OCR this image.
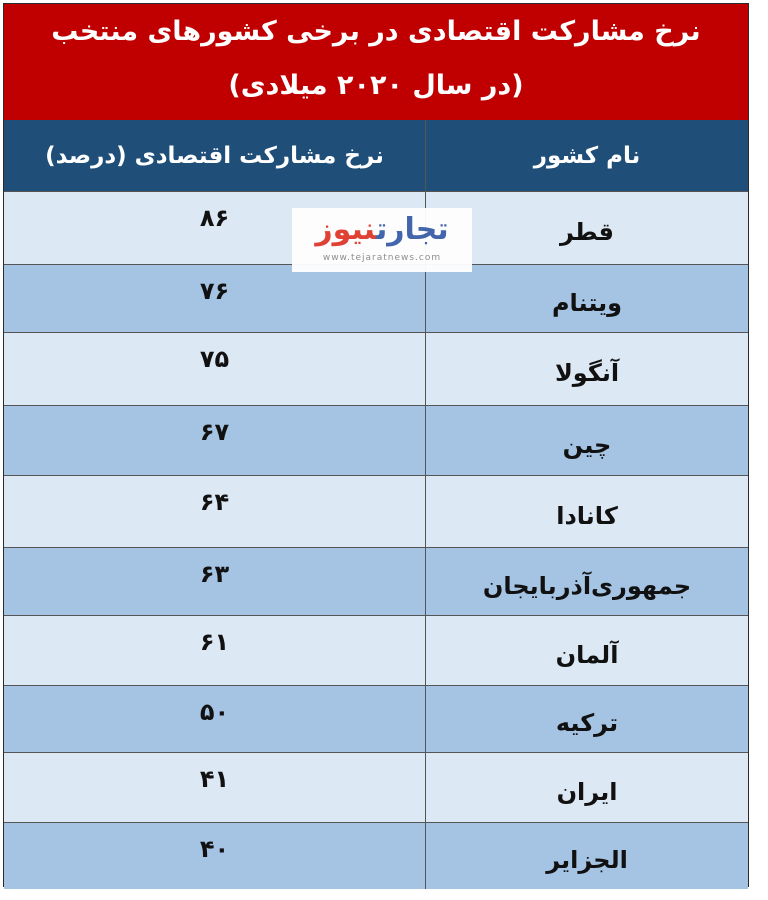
نرخ مشارکت اقتصادی در برخی کشورهای منتخب
(در سال ۲۰۲۰ میلادی)
نرخ مشارکت اقتصادی (درصد)	نام کشور
۸۶	قطر
۷۶	ویتنام
۷۵	آنگولا
۶۷	چین
۶۴	کانادا
۶۳	جمهوری‌آذربایجان
۶۱	آلمان
۵۰	ترکیه
۴۱	ایران
۴۰	الجزایر
تجارتنیوز
www.tejaratnews.com
